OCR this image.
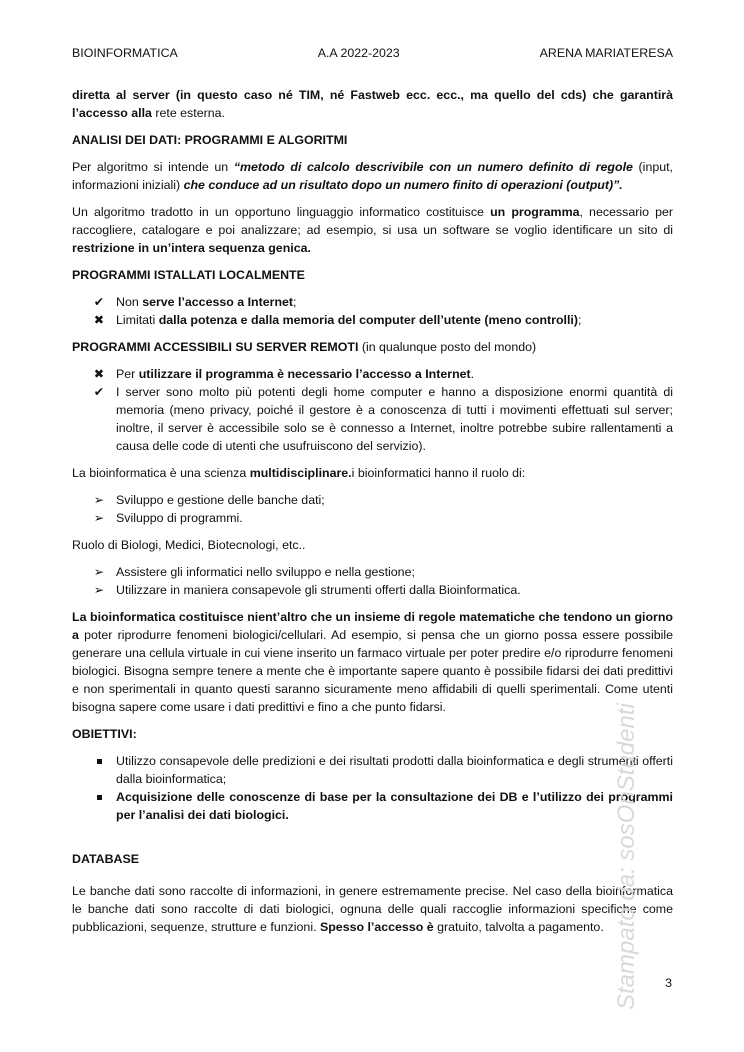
BIOINFORMATICA	A.A 2022-2023	ARENA MARIATERESA

diretta al server (in questo caso né TIM, né Fastweb ecc. ecc., ma quello del cds) che garantirà l’accesso alla rete esterna.

ANALISI DEI DATI: PROGRAMMI E ALGORITMI

Per algoritmo si intende un “metodo di calcolo descrivibile con un numero definito di regole (input, informazioni iniziali) che conduce ad un risultato dopo un numero finito di operazioni (output)”.

Un algoritmo tradotto in un opportuno linguaggio informatico costituisce un programma, necessario per raccogliere, catalogare e poi analizzare; ad esempio, si usa un software se voglio identificare un sito di restrizione in un’intera sequenza genica.

PROGRAMMI ISTALLATI LOCALMENTE
✔ Non serve l’accesso a Internet;
✖ Limitati dalla potenza e dalla memoria del computer dell’utente (meno controlli);

PROGRAMMI ACCESSIBILI SU SERVER REMOTI (in qualunque posto del mondo)

✖ Per utilizzare il programma è necessario l’accesso a Internet.
✔ I server sono molto più potenti degli home computer e hanno a disposizione enormi quantità di memoria (meno privacy, poiché il gestore è a conoscenza di tutti i movimenti effettuati sul server; inoltre, il server è accessibile solo se è connesso a Internet, inoltre potrebbe subire rallentamenti a causa delle code di utenti che usufruiscono del servizio).

La bioinformatica è una scienza multidisciplinare.i bioinformatici hanno il ruolo di:

➢ Sviluppo e gestione delle banche dati;
➢ Sviluppo di programmi.

Ruolo di Biologi, Medici, Biotecnologi, etc..

➢ Assistere gli informatici nello sviluppo e nella gestione;
➢ Utilizzare in maniera consapevole gli strumenti offerti dalla Bioinformatica.

La bioinformatica costituisce nient’altro che un insieme di regole matematiche che tendono un giorno a poter riprodurre fenomeni biologici/cellulari. Ad esempio, si pensa che un giorno possa essere possibile generare una cellula virtuale in cui viene inserito un farmaco virtuale per poter predire e/o riprodurre fenomeni biologici. Bisogna sempre tenere a mente che è importante sapere quanto è possibile fidarsi dei dati predittivi e non sperimentali in quanto questi saranno sicuramente meno affidabili di quelli sperimentali. Come utenti bisogna sapere come usare i dati predittivi e fino a che punto fidarsi.

OBIETTIVI:
Utilizzo consapevole delle predizioni e dei risultati prodotti dalla bioinformatica e degli strumenti offerti dalla bioinformatica;
Acquisizione delle conoscenze di base per la consultazione dei DB e l’utilizzo dei programmi per l’analisi dei dati biologici.
DATABASE

Le banche dati sono raccolte di informazioni, in genere estremamente precise. Nel caso della bioinformatica le banche dati sono raccolte di dati biologici, ognuna delle quali raccoglie informazioni specifiche come pubblicazioni, sequenze, strutture e funzioni. Spesso l’accesso è gratuito, talvolta a pagamento. Stampato da: sosOnStudenti 3
